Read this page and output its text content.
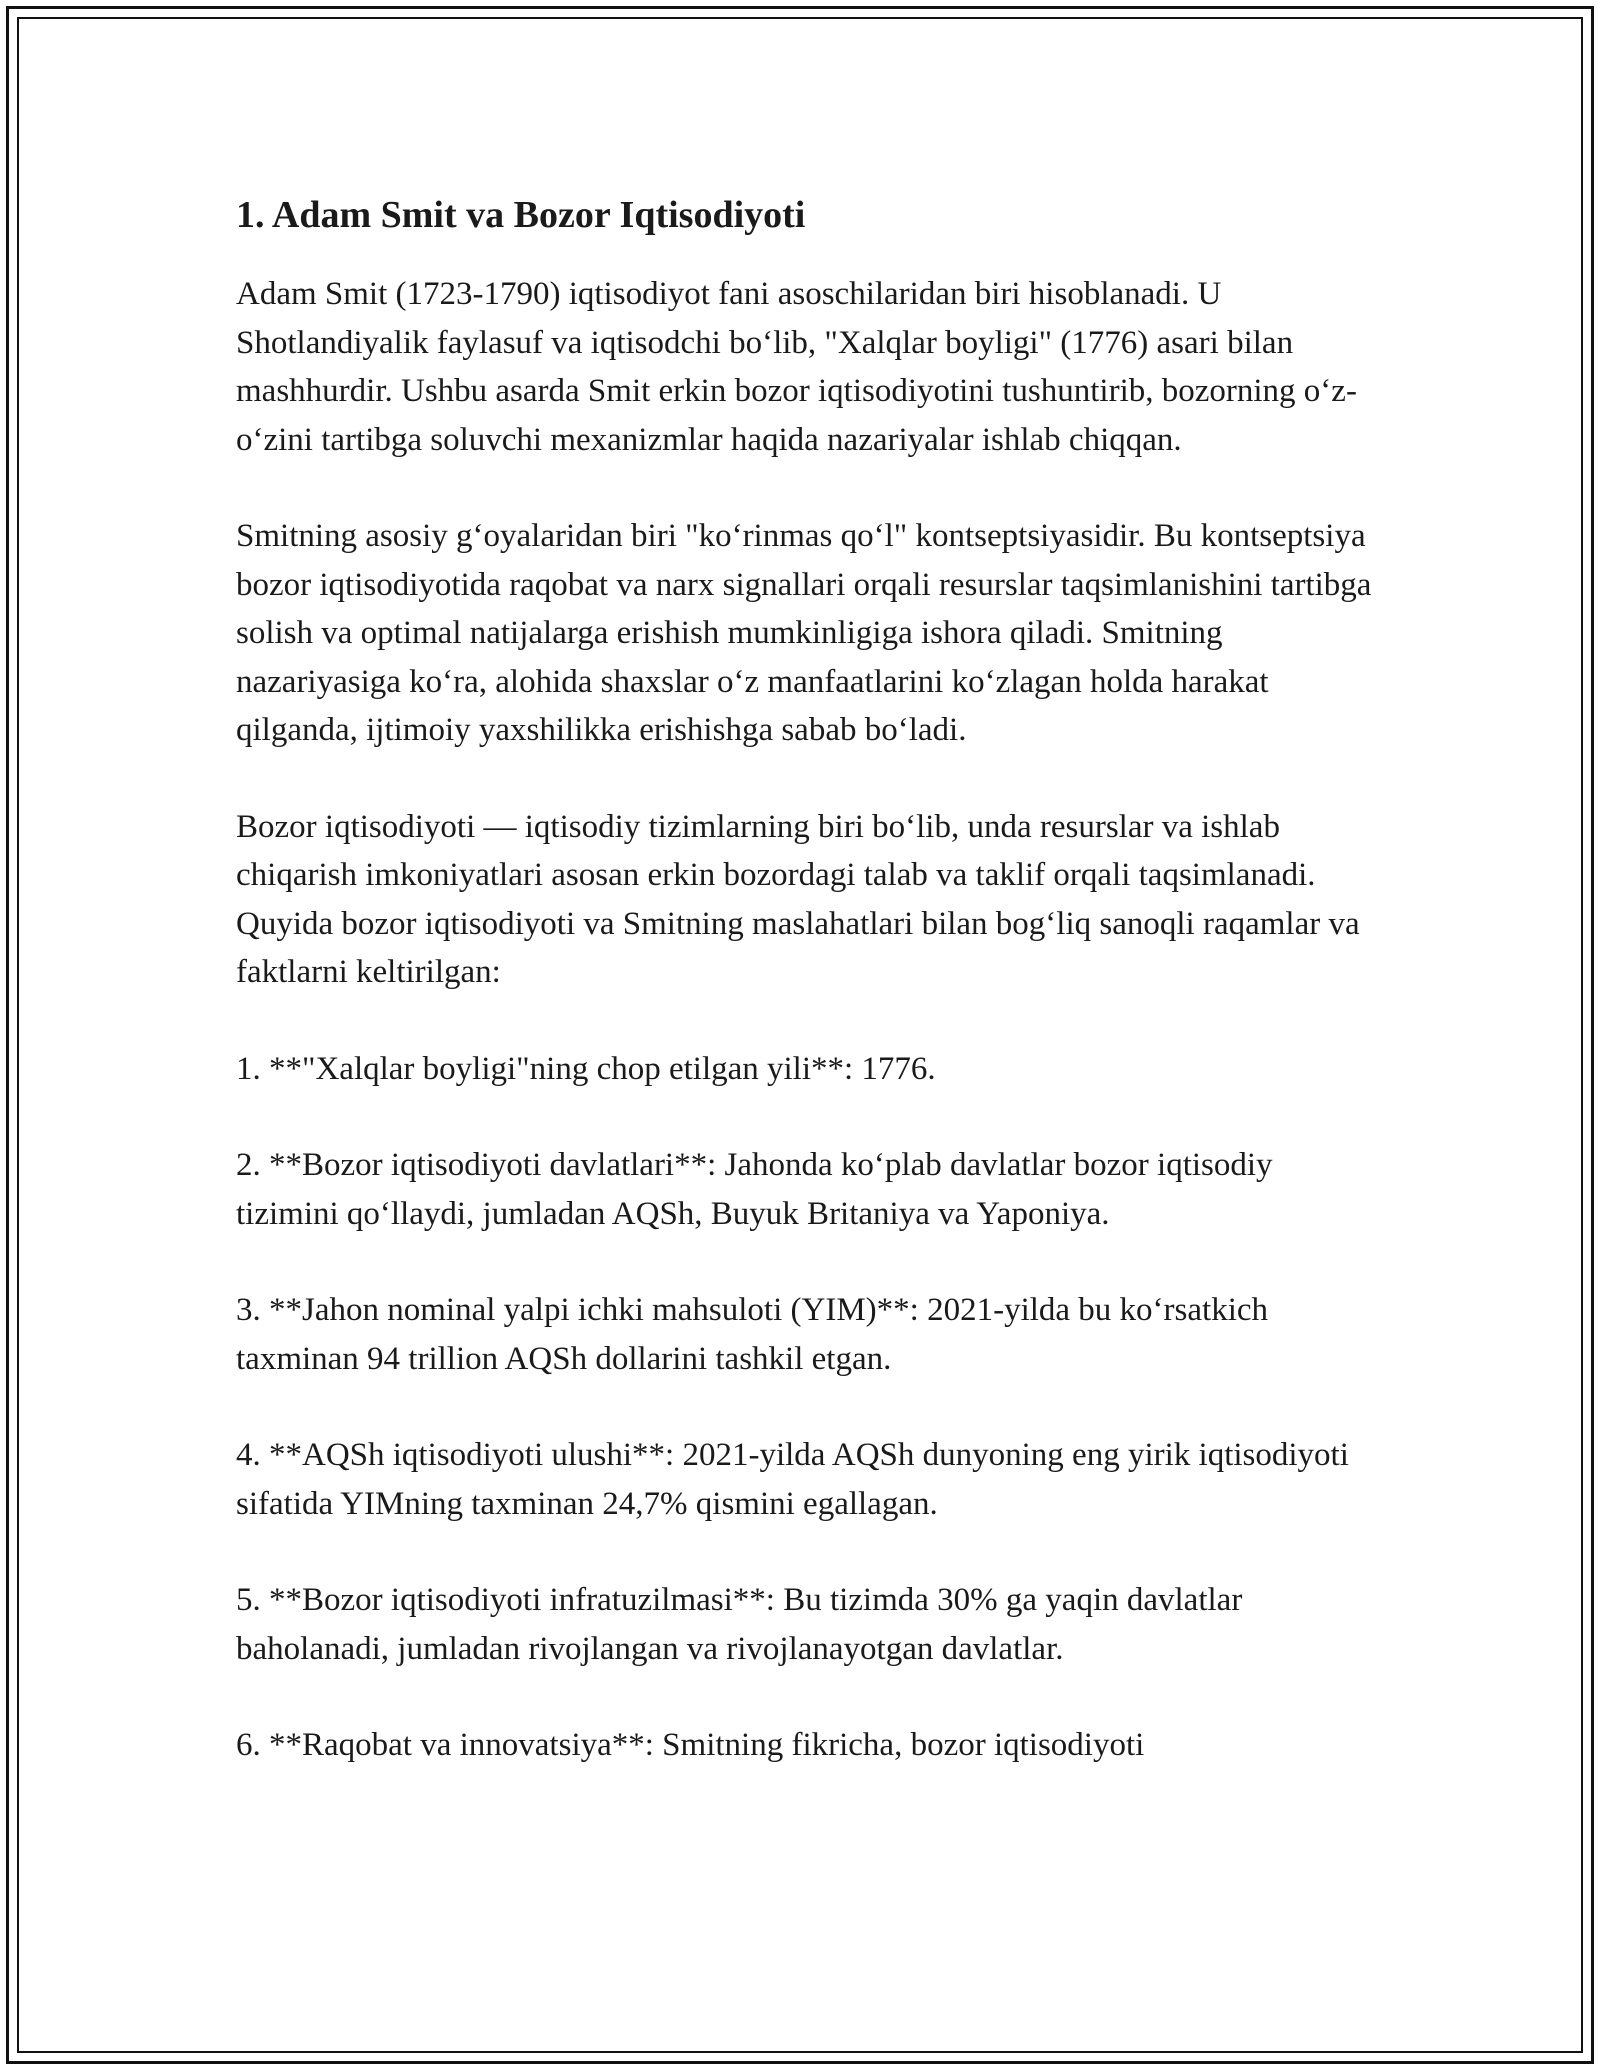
1. Adam Smit va Bozor Iqtisodiyoti

Adam Smit (1723-1790) iqtisodiyot fani asoschilaridan biri hisoblanadi. U Shotlandiyalik faylasuf va iqtisodchi bo‘lib, "Xalqlar boyligi" (1776) asari bilan mashhurdir. Ushbu asarda Smit erkin bozor iqtisodiyotini tushuntirib, bozorning o‘z-o‘zini tartibga soluvchi mexanizmlar haqida nazariyalar ishlab chiqqan.

Smitning asosiy g‘oyalaridan biri "ko‘rinmas qo‘l" kontseptsiyasidir. Bu kontseptsiya bozor iqtisodiyotida raqobat va narx signallari orqali resurslar taqsimlanishini tartibga solish va optimal natijalarga erishish mumkinligiga ishora qiladi. Smitning nazariyasiga ko‘ra, alohida shaxslar o‘z manfaatlarini ko‘zlagan holda harakat qilganda, ijtimoiy yaxshilikka erishishga sabab bo‘ladi.

Bozor iqtisodiyoti — iqtisodiy tizimlarning biri bo‘lib, unda resurslar va ishlab chiqarish imkoniyatlari asosan erkin bozordagi talab va taklif orqali taqsimlanadi. Quyida bozor iqtisodiyoti va Smitning maslahatlari bilan bog‘liq sanoqli raqamlar va faktlarni keltirilgan:

1. **"Xalqlar boyligi"ning chop etilgan yili**: 1776.

2. **Bozor iqtisodiyoti davlatlari**: Jahonda ko‘plab davlatlar bozor iqtisodiy tizimini qo‘llaydi, jumladan AQSh, Buyuk Britaniya va Yaponiya.

3. **Jahon nominal yalpi ichki mahsuloti (YIM)**: 2021-yilda bu ko‘rsatkich taxminan 94 trillion AQSh dollarini tashkil etgan.

4. **AQSh iqtisodiyoti ulushi**: 2021-yilda AQSh dunyoning eng yirik iqtisodiyoti sifatida YIMning taxminan 24,7% qismini egallagan.

5. **Bozor iqtisodiyoti infratuzilmasi**: Bu tizimda 30% ga yaqin davlatlar baholanadi, jumladan rivojlangan va rivojlanayotgan davlatlar.

6. **Raqobat va innovatsiya**: Smitning fikricha, bozor iqtisodiyoti
